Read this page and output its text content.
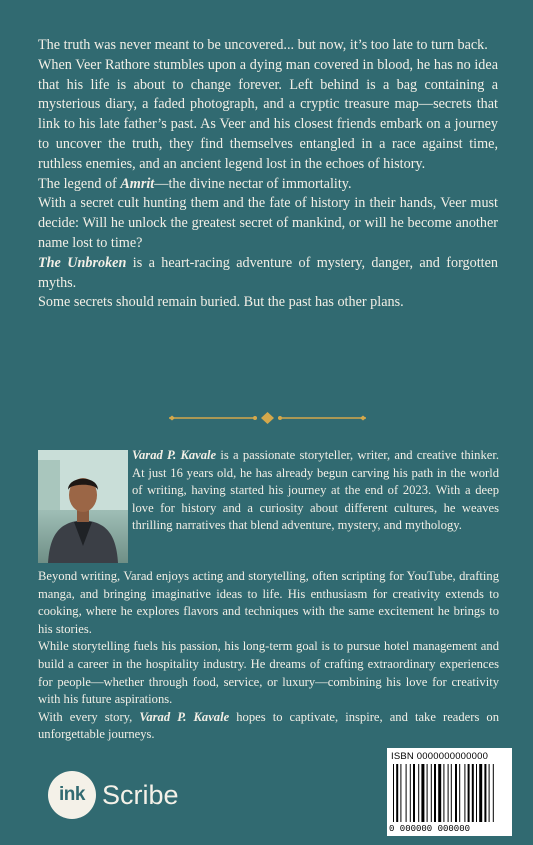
The truth was never meant to be uncovered... but now, it’s too late to turn back.

When Veer Rathore stumbles upon a dying man covered in blood, he has no idea that his life is about to change forever. Left behind is a bag containing a mysterious diary, a faded photograph, and a cryptic treasure map—secrets that link to his late father’s past. As Veer and his closest friends embark on a journey to uncover the truth, they find themselves entangled in a race against time, ruthless enemies, and an ancient legend lost in the echoes of history.

The legend of Amrit—the divine nectar of immortality.

With a secret cult hunting them and the fate of history in their hands, Veer must decide: Will he unlock the greatest secret of mankind, or will he become another name lost to time?

The Unbroken is a heart-racing adventure of mystery, danger, and forgotten myths.

Some secrets should remain buried. But the past has other plans.

Varad P. Kavale is a passionate storyteller, writer, and creative thinker. At just 16 years old, he has already begun carving his path in the world of writing, having started his journey at the end of 2023. With a deep love for history and a curiosity about different cultures, he weaves thrilling narratives that blend adventure, mystery, and mythology.

Beyond writing, Varad enjoys acting and storytelling, often scripting for YouTube, drafting manga, and bringing imaginative ideas to life. His enthusiasm for creativity extends to cooking, where he explores flavors and techniques with the same excitement he brings to his stories.

While storytelling fuels his passion, his long-term goal is to pursue hotel management and build a career in the hospitality industry. He dreams of crafting extraordinary experiences for people—whether through food, service, or luxury—combining his love for creativity with his future aspirations.

With every story, Varad P. Kavale hopes to captivate, inspire, and take readers on unforgettable journeys.

ink Scribe
ISBN 0000000000000
0 000000 000000
